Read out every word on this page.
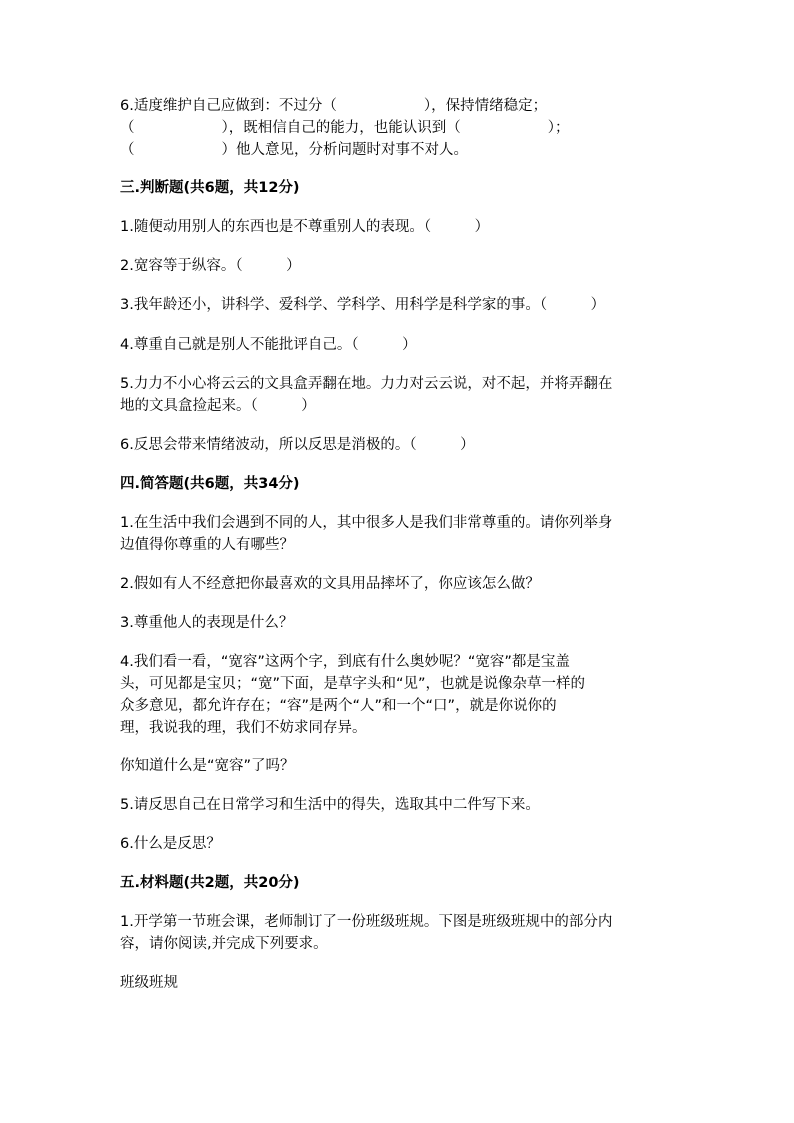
6.适度维护自己应做到：不过分（　　　　　　），保持情绪稳定；

（　　　　　　），既相信自己的能力，也能认识到（　　　　　　）；

（　　　　　　）他人意见，分析问题时对事不对人。

三.判断题(共6题，共12分)

1.随便动用别人的东西也是不尊重别人的表现。（　　　）

2.宽容等于纵容。（　　　）

3.我年龄还小，讲科学、爱科学、学科学、用科学是科学家的事。（　　　）

4.尊重自己就是别人不能批评自己。（　　　）

5.力力不小心将云云的文具盒弄翻在地。力力对云云说，对不起，并将弄翻在

地的文具盒捡起来。（　　　）

6.反思会带来情绪波动，所以反思是消极的。（　　　）

四.简答题(共6题，共34分)

1.在生活中我们会遇到不同的人，其中很多人是我们非常尊重的。请你列举身

边值得你尊重的人有哪些？

2.假如有人不经意把你最喜欢的文具用品摔坏了，你应该怎么做？

3.尊重他人的表现是什么？

4.我们看一看，“宽容”这两个字，到底有什么奥妙呢？“宽容”都是宝盖

头，可见都是宝贝；“宽”下面，是草字头和“见”，也就是说像杂草一样的

众多意见，都允许存在；“容”是两个“人”和一个“口”，就是你说你的

理，我说我的理，我们不妨求同存异。

你知道什么是“宽容”了吗？

5.请反思自己在日常学习和生活中的得失，选取其中二件写下来。

6.什么是反思？

五.材料题(共2题，共20分)

1.开学第一节班会课，老师制订了一份班级班规。下图是班级班规中的部分内

容，请你阅读,并完成下列要求。

班级班规
